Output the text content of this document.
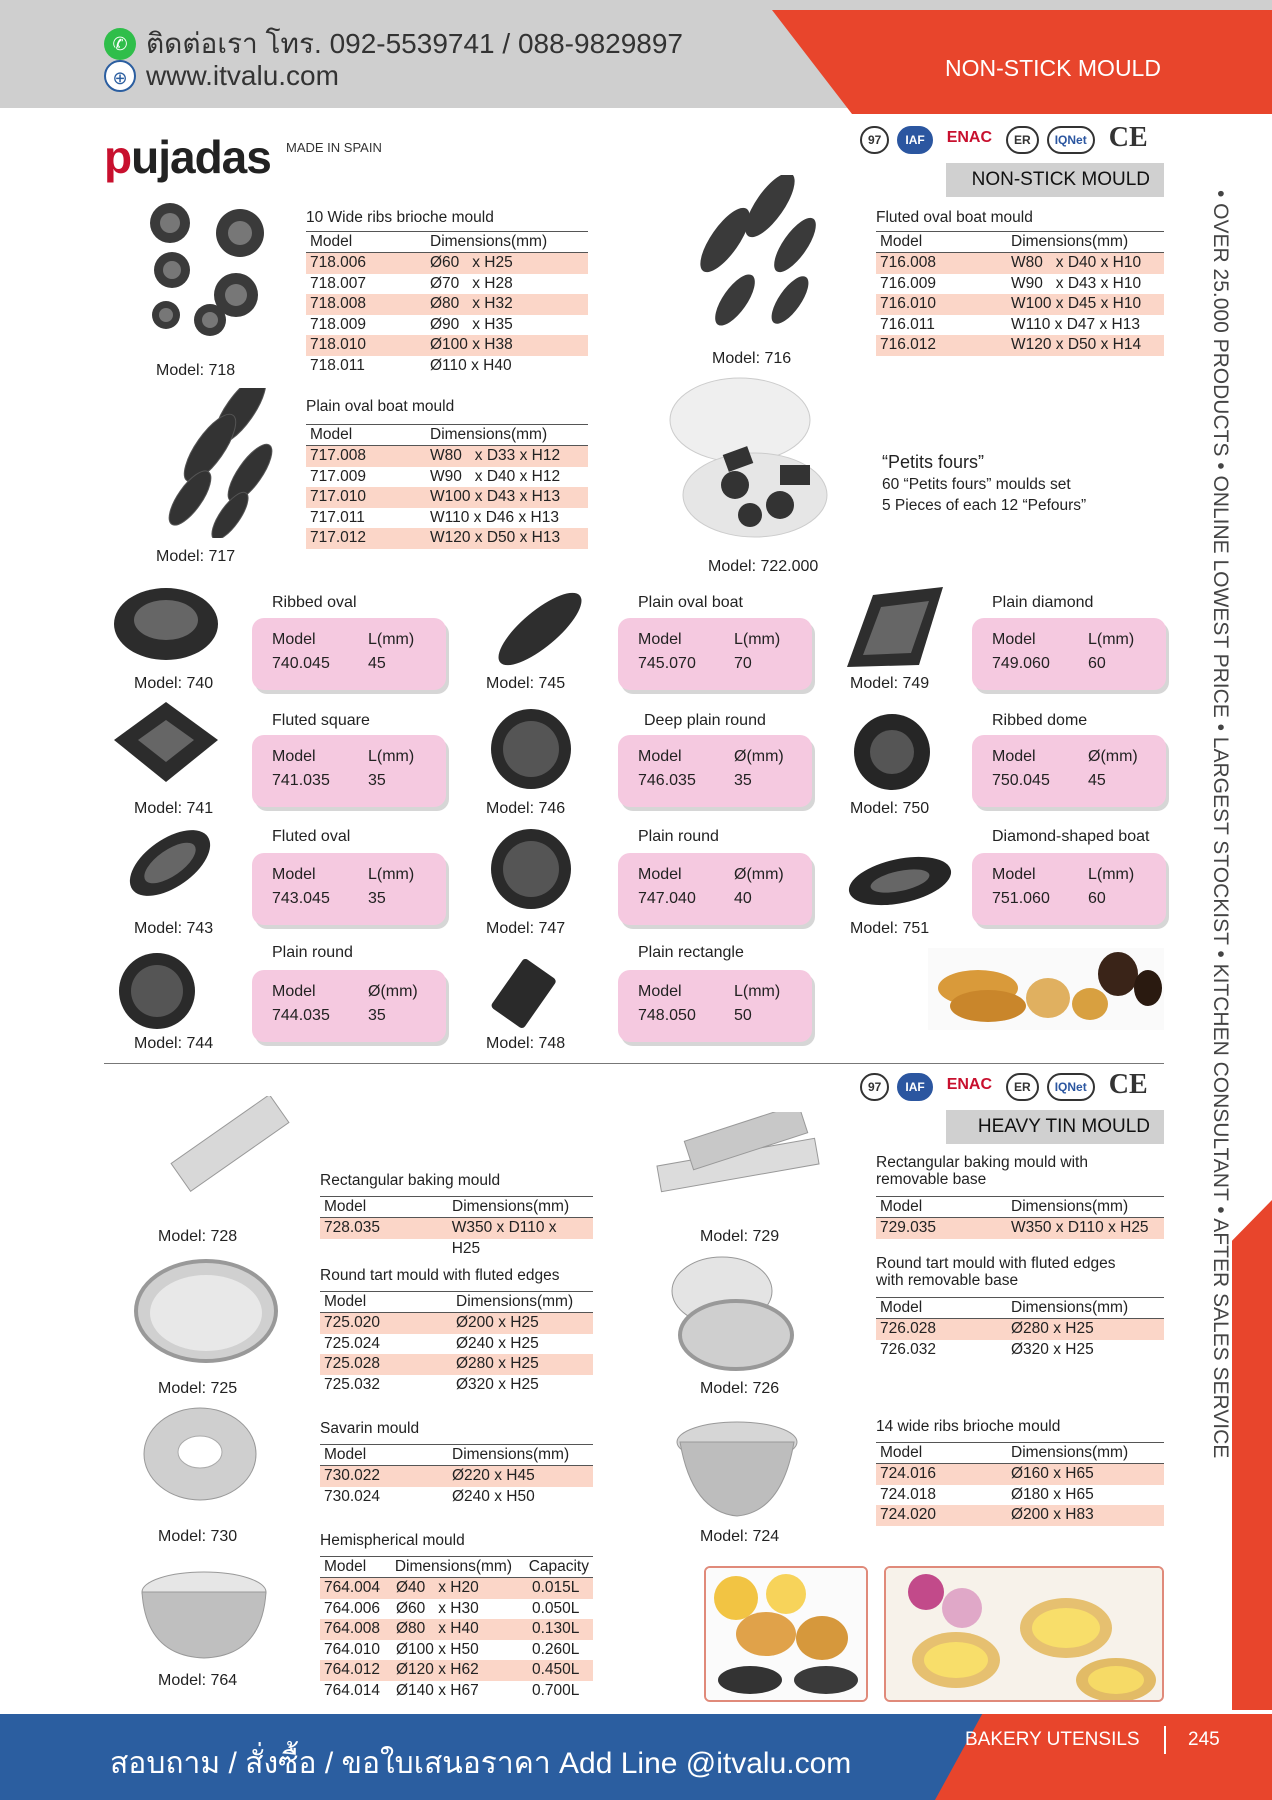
✆ ติดต่อเรา โทร. 092-5539741 / 088-9829897
⊕ www.itvalu.com	NON-STICK MOULD
pujadas MADE IN SPAIN	97	IAF	ENAC	ER	IQNet CE
NON-STICK MOULD
Model: 718
Model: 717
Model: 716
Model: 722.000
10 Wide ribs brioche mould
Model	Dimensions(mm)
718.006	Ø60   x H25
718.007	Ø70   x H28
718.008	Ø80   x H32
718.009	Ø90   x H35
718.010	Ø100 x H38
718.011	Ø110 x H40
Plain oval boat mould
Model	Dimensions(mm)
717.008	W80   x D33 x H12
717.009	W90   x D40 x H12
717.010	W100 x D43 x H13
717.011	W110 x D46 x H13
717.012	W120 x D50 x H13
Fluted oval boat mould
Model	Dimensions(mm)
716.008	W80   x D40 x H10
716.009	W90   x D43 x H10
716.010	W100 x D45 x H10
716.011	W110 x D47 x H13
716.012	W120 x D50 x H14
“Petits fours”
60 “Petits fours” moulds set
5 Pieces of each 12 “Pefours”
Model: 740
Ribbed oval
Model	L(mm)
740.045	45
Model: 745
Plain oval boat
Model	L(mm)
745.070	70
Model: 749
Plain diamond
Model	L(mm)
749.060	60
Model: 741
Fluted square
Model	L(mm)
741.035	35
Model: 746
Deep plain round
Model	Ø(mm)
746.035	35
Model: 750
Ribbed dome
Model	Ø(mm)
750.045	45
Model: 743
Fluted oval
Model	L(mm)
743.045	35
Model: 747
Plain round
Model	Ø(mm)
747.040	40
Model: 751
Diamond-shaped boat
Model	L(mm)
751.060	60
Model: 744
Plain round
Model	Ø(mm)
744.035	35
Model: 748
Plain rectangle
Model	L(mm)
748.050	50
97	IAF	ENAC	ER	IQNet CE
HEAVY TIN MOULD
Model: 728	Model: 729
Model: 725	Model: 726
Model: 730	Model: 724
Model: 764
Rectangular baking mould
Model	Dimensions(mm)
728.035	W350 x D110 x H25
Rectangular baking mould with removable base
Model	Dimensions(mm)
729.035	W350 x D110 x H25
Round tart mould with fluted edges
Model	Dimensions(mm)
725.020	Ø200 x H25
725.024	Ø240 x H25
725.028	Ø280 x H25
725.032	Ø320 x H25
Round tart mould with fluted edges with removable base
Model	Dimensions(mm)
726.028	Ø280 x H25
726.032	Ø320 x H25
Savarin mould
Model	Dimensions(mm)
730.022	Ø220 x H45
730.024	Ø240 x H50
14 wide ribs brioche mould
Model	Dimensions(mm)
724.016	Ø160 x H65
724.018	Ø180 x H65
724.020	Ø200 x H83
Hemispherical mould
Model	Dimensions(mm)	Capacity
764.004	Ø40   x H20	0.015L
764.006	Ø60   x H30	0.050L
764.008	Ø80   x H40	0.130L
764.010	Ø100 x H50	0.260L
764.012	Ø120 x H62	0.450L
764.014	Ø140 x H67	0.700L
• OVER 25.000 PRODUCTS • ONLINE LOWEST PRICE • LARGEST STOCKIST • KITCHEN CONSULTANT • AFTER SALES SERVICE
สอบถาม / สั่งซื้อ / ขอใบเสนอราคา Add Line @itvalu.com
BAKERY UTENSILS	245
